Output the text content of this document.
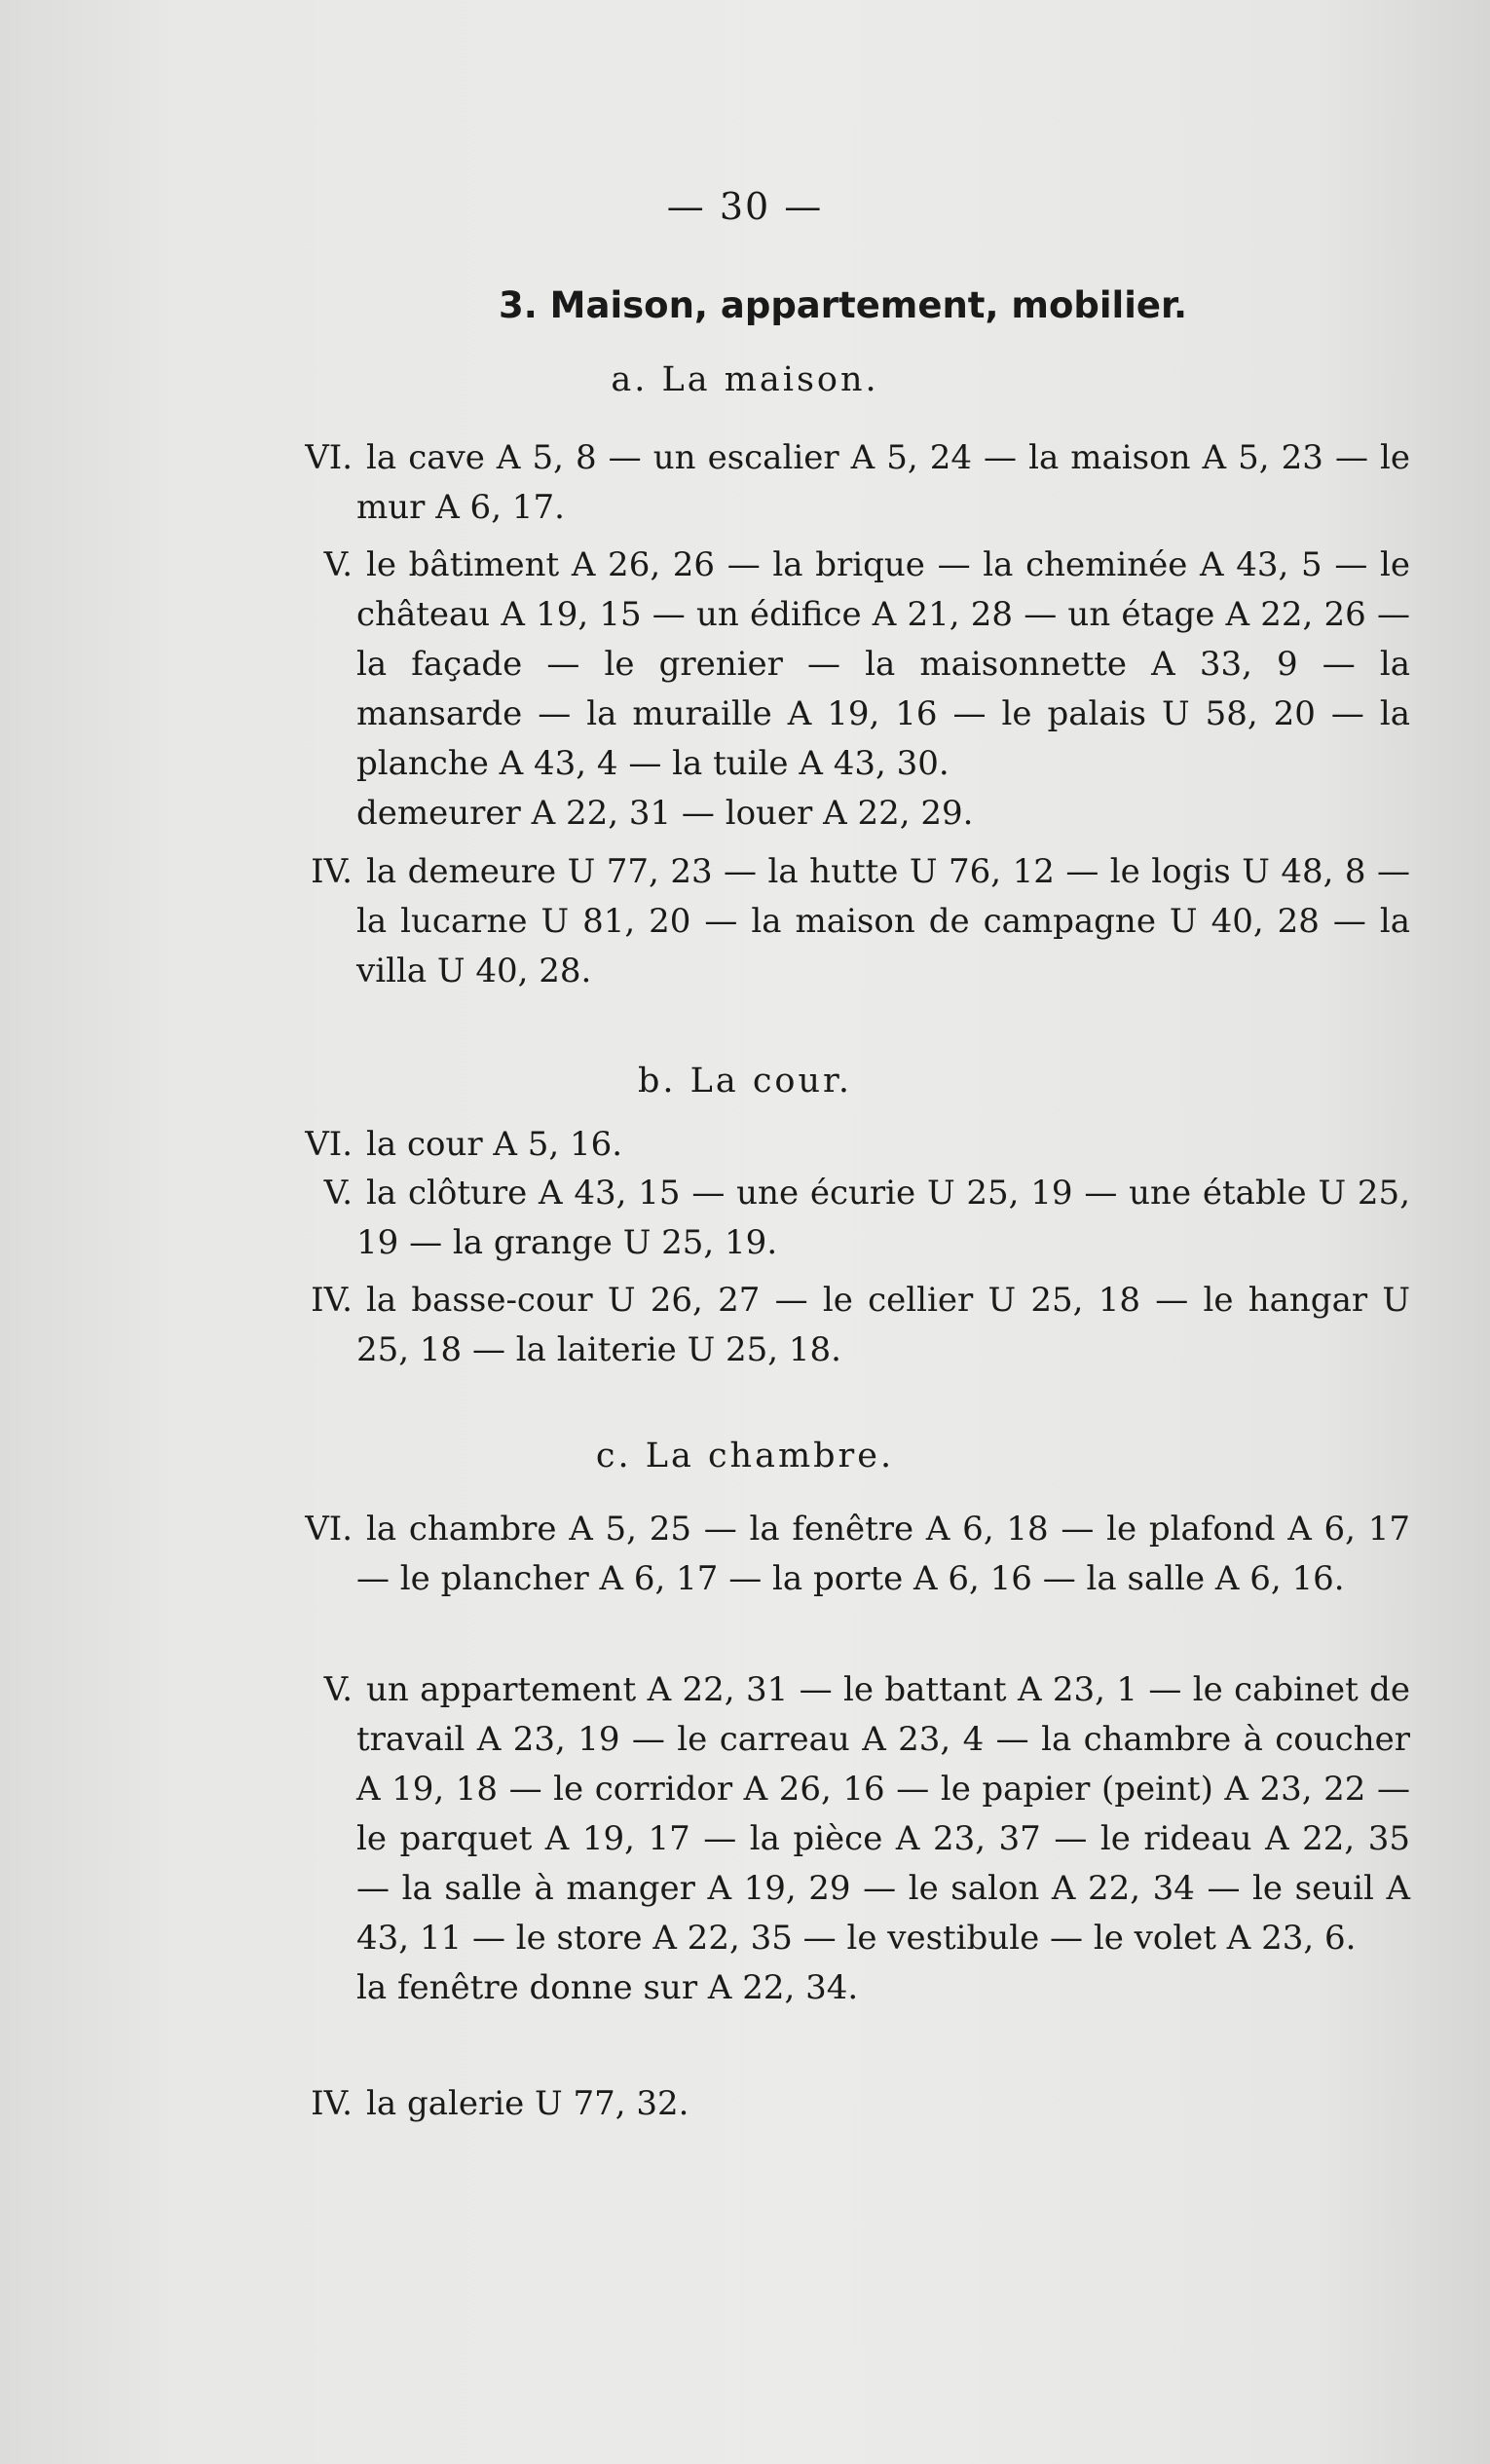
— 30 —
3. Maison, appartement, mobilier.
a. La maison.
VI. la cave A 5, 8 — un escalier A 5, 24 — la maison A 5, 23 — le mur A 6, 17.
V. le bâtiment A 26, 26 — la brique — la cheminée A 43, 5 — le château A 19, 15 — un édifice A 21, 28 — un étage A 22, 26 — la façade — le grenier — la maisonnette A 33, 9 — la mansarde — la muraille A 19, 16 — le palais U 58, 20 — la planche A 43, 4 — la tuile A 43, 30.
demeurer A 22, 31 — louer A 22, 29.
IV. la demeure U 77, 23 — la hutte U 76, 12 — le logis U 48, 8 — la lucarne U 81, 20 — la maison de campagne U 40, 28 — la villa U 40, 28.
b. La cour.
VI. la cour A 5, 16.
V. la clôture A 43, 15 — une écurie U 25, 19 — une étable U 25, 19 — la grange U 25, 19.
IV. la basse-cour U 26, 27 — le cellier U 25, 18 — le hangar U 25, 18 — la laiterie U 25, 18.
c. La chambre.
VI. la chambre A 5, 25 — la fenêtre A 6, 18 — le plafond A 6, 17 — le plancher A 6, 17 — la porte A 6, 16 — la salle A 6, 16.
V. un appartement A 22, 31 — le battant A 23, 1 — le cabinet de travail A 23, 19 — le carreau A 23, 4 — la chambre à coucher A 19, 18 — le corridor A 26, 16 — le papier (peint) A 23, 22 — le parquet A 19, 17 — la pièce A 23, 37 — le rideau A 22, 35 — la salle à manger A 19, 29 — le salon A 22, 34 — le seuil A 43, 11 — le store A 22, 35 — le vestibule — le volet A 23, 6.
la fenêtre donne sur A 22, 34.
IV. la galerie U 77, 32.
